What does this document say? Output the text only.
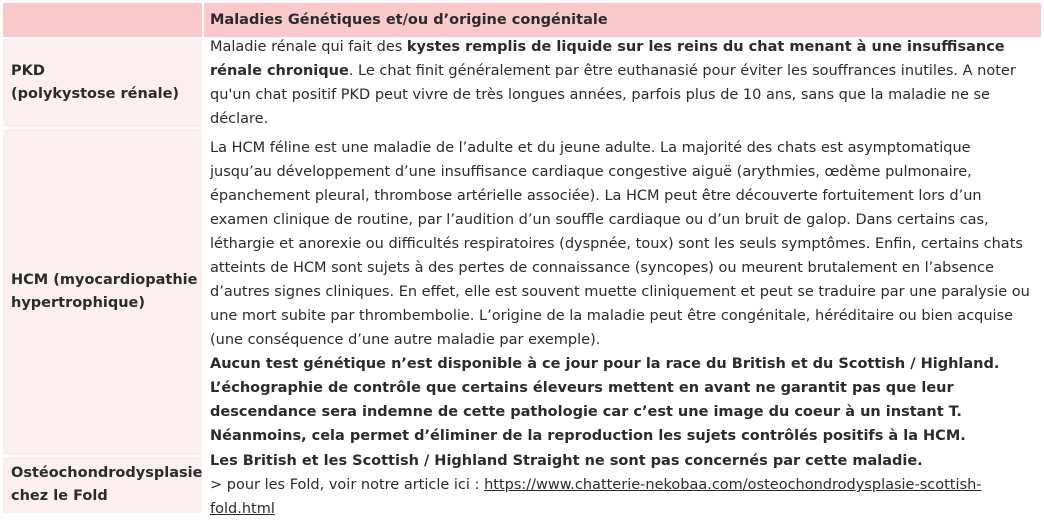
Maladies Génétiques et/ou d’origine congénitale

PKD

(polykystose rénale)

Maladie rénale qui fait des kystes remplis de liquide sur les reins du chat menant à une insuffisance rénale chronique. Le chat finit généralement par être euthanasié pour éviter les souffrances inutiles. A noter qu'un chat positif PKD peut vivre de très longues années, parfois plus de 10 ans, sans que la maladie ne se déclare.

HCM (myocardiopathie

hypertrophique)

La HCM féline est une maladie de l’adulte et du jeune adulte. La majorité des chats est asymptomatique jusqu’au développement d’une insuffisance cardiaque congestive aiguë (arythmies, œdème pulmonaire, épanchement pleural, thrombose artérielle associée). La HCM peut être découverte fortuitement lors d’un examen clinique de routine, par l’audition d’un souffle cardiaque ou d’un bruit de galop. Dans certains cas, léthargie et anorexie ou difficultés respiratoires (dyspnée, toux) sont les seuls symptômes. Enfin, certains chats atteints de HCM sont sujets à des pertes de connaissance (syncopes) ou meurent brutalement en l’absence d’autres signes cliniques. En effet, elle est souvent muette cliniquement et peut se traduire par une paralysie ou une mort subite par thrombembolie. L’origine de la maladie peut être congénitale, héréditaire ou bien acquise (une conséquence d’une autre maladie par exemple).

Aucun test génétique n’est disponible à ce jour pour la race du British et du Scottish / Highland.

L’échographie de contrôle que certains éleveurs mettent en avant ne garantit pas que leur descendance sera indemne de cette pathologie car c’est une image du coeur à un instant T. Néanmoins, cela permet d’éliminer de la reproduction les sujets contrôlés positifs à la HCM.

Ostéochondrodysplasie

chez le Fold

Les British et les Scottish / Highland Straight ne sont pas concernés par cette maladie.

> pour les Fold, voir notre article ici : https://www.chatterie-nekobaa.com/osteochondrodysplasie-scottish-fold.html
